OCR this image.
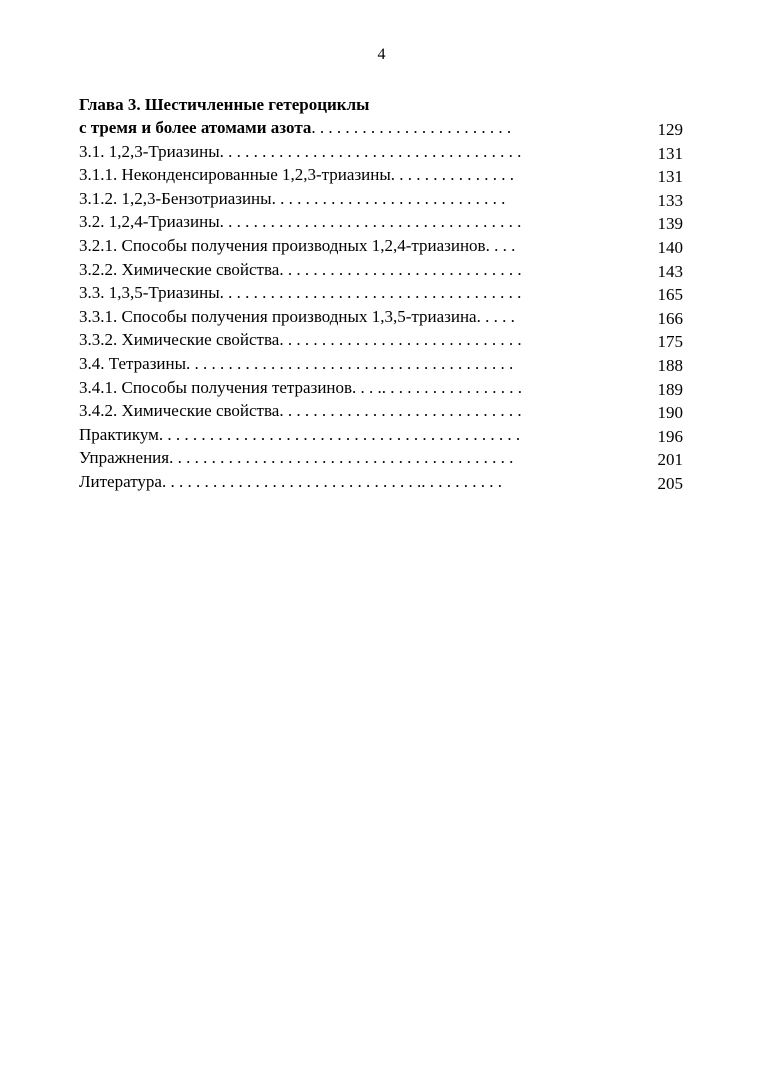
4
Глава 3. Шестичленные гетероциклы
с тремя и более атомами азота. . . . . . . . . . . . . . . . . . . . . . . .	129
3.1. 1,2,3-Триазины. . . . . . . . . . . . . . . . . . . . . . . . . . . . . . . . . . . .	131
3.1.1. Неконденсированные 1,2,3-триазины. . . . . . . . . . . . . . .	131
3.1.2. 1,2,3-Бензотриазины. . . . . . . . . . . . . . . . . . . . . . . . . . . .	133
3.2. 1,2,4-Триазины. . . . . . . . . . . . . . . . . . . . . . . . . . . . . . . . . . . .	139
3.2.1. Способы получения производных 1,2,4-триазинов. . . .	140
3.2.2. Химические свойства. . . . . . . . . . . . . . . . . . . . . . . . . . . . .	143
3.3. 1,3,5-Триазины. . . . . . . . . . . . . . . . . . . . . . . . . . . . . . . . . . . .	165
3.3.1. Способы получения производных 1,3,5-триазина. . . . .	166
3.3.2. Химические свойства. . . . . . . . . . . . . . . . . . . . . . . . . . . . .	175
3.4. Тетразины. . . . . . . . . . . . . . . . . . . . . . . . . . . . . . . . . . . . . . .	188
3.4.1. Способы получения тетразинов. . . .. . . . . . . . . . . . . . . . .	189
3.4.2. Химические свойства. . . . . . . . . . . . . . . . . . . . . . . . . . . . .	190
Практикум. . . . . . . . . . . . . . . . . . . . . . . . . . . . . . . . . . . . . . . . . . .	196
Упражнения. . . . . . . . . . . . . . . . . . . . . . . . . . . . . . . . . . . . . . . . .	201
Литература. . . . . . . . . . . . . . . . . . . . . . . . . . . . . . .. . . . . . . . . .	205
